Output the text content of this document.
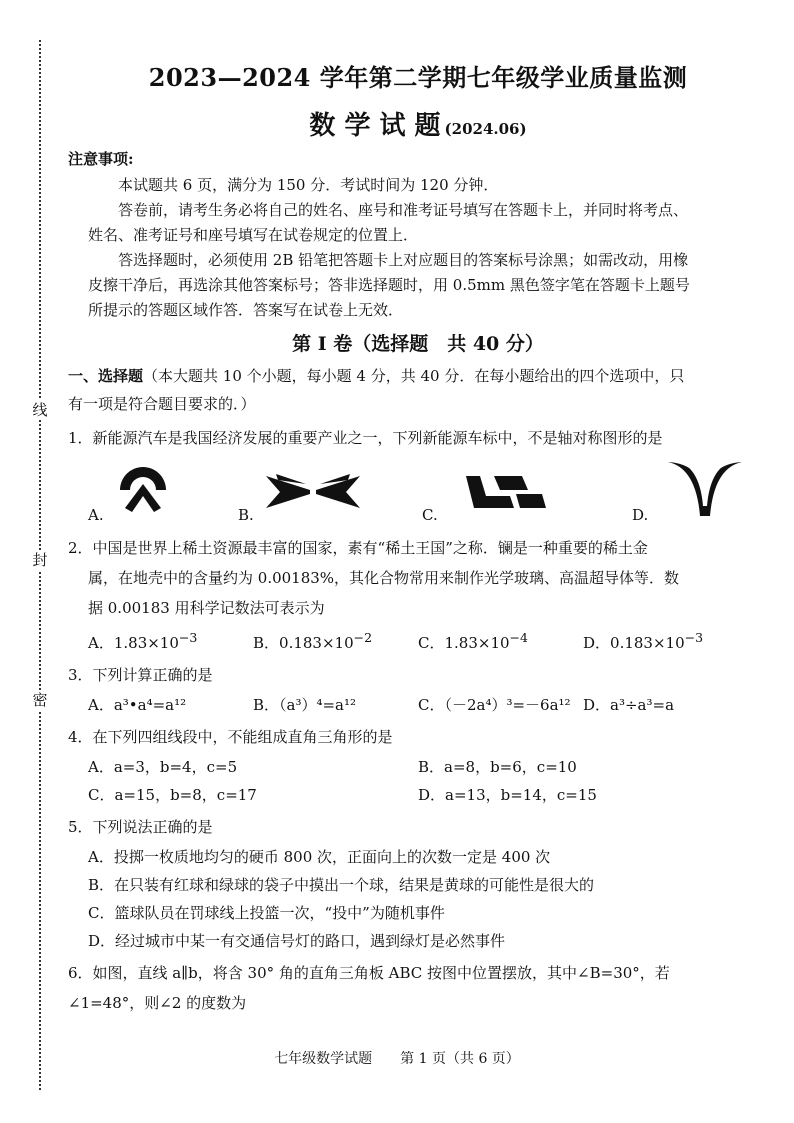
线
封
密
2023—2024 学年第二学期七年级学业质量监测
数 学 试 题 (2024.06)
注意事项:

本试题共 6 页，满分为 150 分．考试时间为 120 分钟．

答卷前，请考生务必将自己的姓名、座号和准考证号填写在答题卡上，并同时将考点、

姓名、准考证号和座号填写在试卷规定的位置上．

答选择题时，必须使用 2B 铅笔把答题卡上对应题目的答案标号涂黑；如需改动，用橡

皮擦干净后，再选涂其他答案标号；答非选择题时，用 0.5mm 黑色签字笔在答题卡上题号

所提示的答题区域作答．答案写在试卷上无效．

第 I 卷（选择题　共 40 分）
一、选择题（本大题共 10 个小题，每小题 4 分，共 40 分．在每小题给出的四个选项中，只
有一项是符合题目要求的．）
1．新能源汽车是我国经济发展的重要产业之一，下列新能源车标中，不是轴对称图形的是
A.	B.	C.	D.
2．中国是世界上稀土资源最丰富的国家，素有“稀土王国”之称．镧是一种重要的稀土金
属，在地壳中的含量约为 0.00183%，其化合物常用来制作光学玻璃、高温超导体等．数
据 0.00183 用科学记数法可表示为
A．$1.83\times 10^{-3}$	B．$0.183\times 10^{-2}$	C．$1.83\times 10^{-4}$	D．$0.183\times 10^{-3}$
3．下列计算正确的是
A．a³•a⁴=a¹²	B．（a³）⁴=a¹²	C．（－2a⁴）³=－6a¹² D．a³÷a³=a
4．在下列四组线段中，不能组成直角三角形的是
A．a=3，b=4，c=5	B．a=8，b=6，c=10
C．a=15，b=8，c=17	D．a=13，b=14，c=15
5．下列说法正确的是
A．投掷一枚质地均匀的硬币 800 次，正面向上的次数一定是 400 次
B．在只装有红球和绿球的袋子中摸出一个球，结果是黄球的可能性是很大的
C．篮球队员在罚球线上投篮一次，“投中”为随机事件
D．经过城市中某一有交通信号灯的路口，遇到绿灯是必然事件
6．如图，直线 a∥b，将含 30° 角的直角三角板 ABC 按图中位置摆放，其中∠B=30°，若
∠1=48°，则∠2 的度数为
七年级数学试题　　第 1 页（共 6 页）
